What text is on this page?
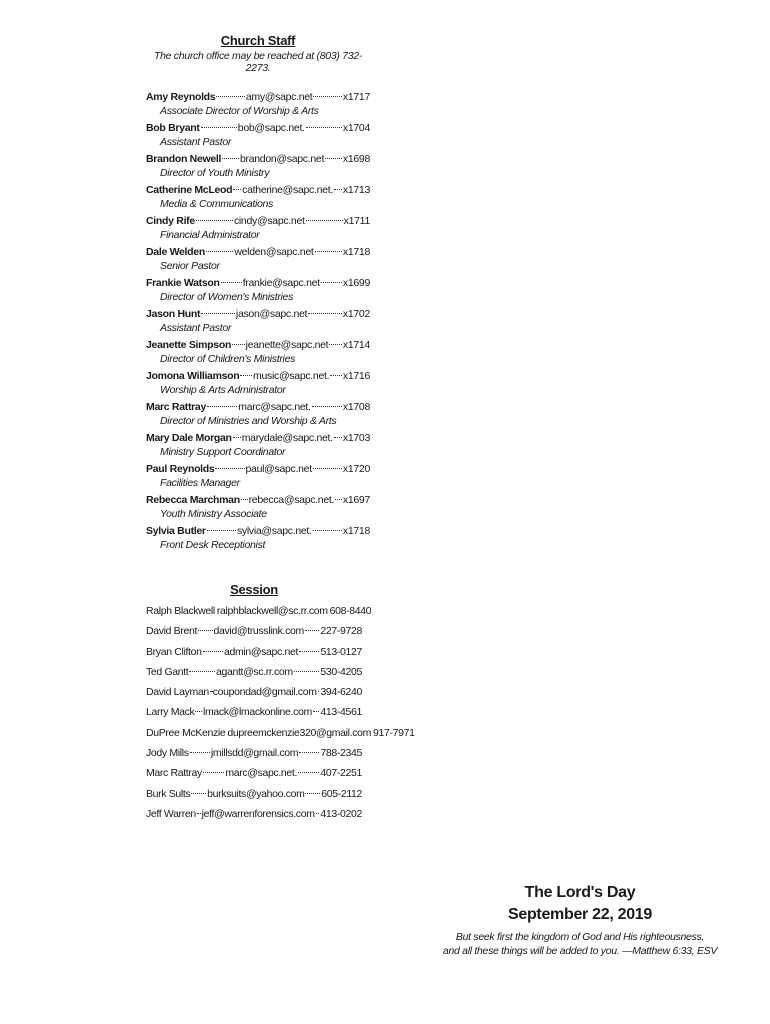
Church Staff
The church office may be reached at (803) 732-2273.
Amy Reynolds	amy@sapc.net	x1717
Associate Director of Worship & Arts
Bob Bryant	bob@sapc.net.	x1704
Assistant Pastor
Brandon Newell brandon@sapc.net x1698
Director of Youth Ministry
Catherine McLeod catherine@sapc.net. x1713
Media & Communications
Cindy Rife	cindy@sapc.net	x1711
Financial Administrator
Dale Welden	welden@sapc.net	x1718
Senior Pastor
Frankie Watson frankie@sapc.net x1699
Director of Women's Ministries
Jason Hunt	jason@sapc.net	x1702
Assistant Pastor
Jeanette Simpson jeanette@sapc.net x1714
Director of Children's Ministries
Jomona Williamson music@sapc.net. x1716
Worship & Arts Administrator
Marc Rattray	marc@sapc.net.	x1708
Director of Ministries and Worship & Arts
Mary Dale Morgan marydale@sapc.net. x1703
Ministry Support Coordinator
Paul Reynolds	paul@sapc.net	x1720
Facilities Manager
Rebecca Marchman rebecca@sapc.net. x1697
Youth Ministry Associate
Sylvia Butler	sylvia@sapc.net.	x1718
Front Desk Receptionist
Session
Ralph Blackwell ralphblackwell@sc.rr.com 608-8440
David Brent david@trusslink.com 227-9728
Bryan Clifton admin@sapc.net 513-0127
Ted Gantt	agantt@sc.rr.com	530-4205
David Layman coupondad@gmail.com 394-6240
Larry Mack lmack@lmackonline.com 413-4561
DuPree McKenzie dupreemckenzie320@gmail.com 917-7971
Jody Mills jmillsdd@gmail.com 788-2345
Marc Rattray marc@sapc.net. 407-2251
Burk Sults burksuits@yahoo.com 605-2112
Jeff Warren jeff@warrenforensics.com 413-0202
The Lord's Day
September 22, 2019
But seek first the kingdom of God and His righteousness,
and all these things will be added to you. —Matthew 6:33, ESV
